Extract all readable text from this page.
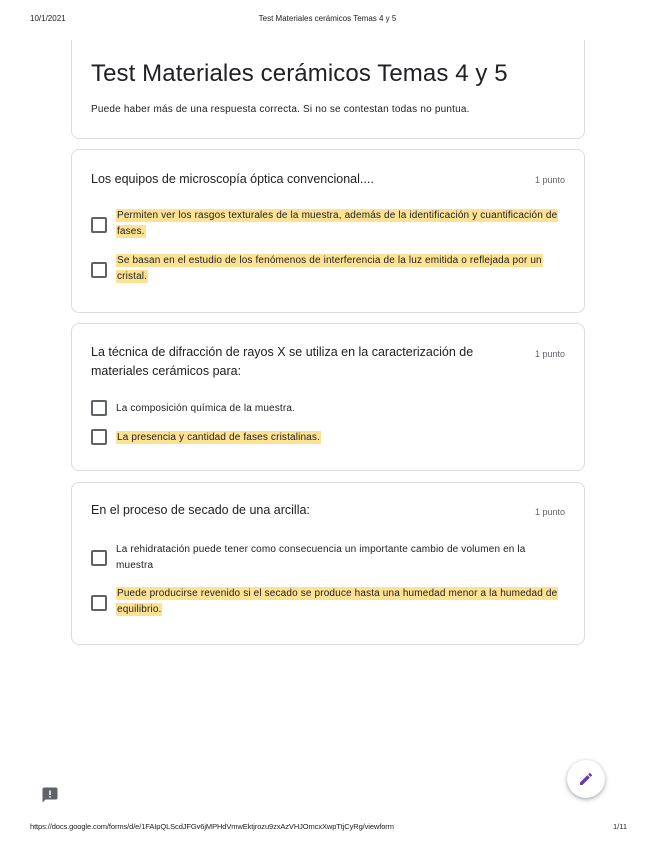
10/1/2021	Test Materiales cerámicos Temas 4 y 5
Test Materiales cerámicos Temas 4 y 5
Puede haber más de una respuesta correcta. Si no se contestan todas no puntua.
Los equipos de microscopía óptica convencional....	1 punto
Permiten ver los rasgos texturales de la muestra, además de la identificación y cuantificación de fases.
Se basan en el estudio de los fenómenos de interferencia de la luz emitida o reflejada por un cristal.
La técnica de difracción de rayos X se utiliza en la caracterización de materiales cerámicos para:
1 punto
La composición química de la muestra.
La presencia y cantidad de fases cristalinas.
En el proceso de secado de una arcilla:	1 punto
La rehidratación puede tener como consecuencia un importante cambio de volumen en la muestra
Puede producirse revenido si el secado se produce hasta una humedad menor a la humedad de equilibrio.
https://docs.google.com/forms/d/e/1FAIpQLScdJFGv6jMPHdVmwEktjrozu9zxAzVHJOmcxXwpTtjCyRg/viewform	1/11
